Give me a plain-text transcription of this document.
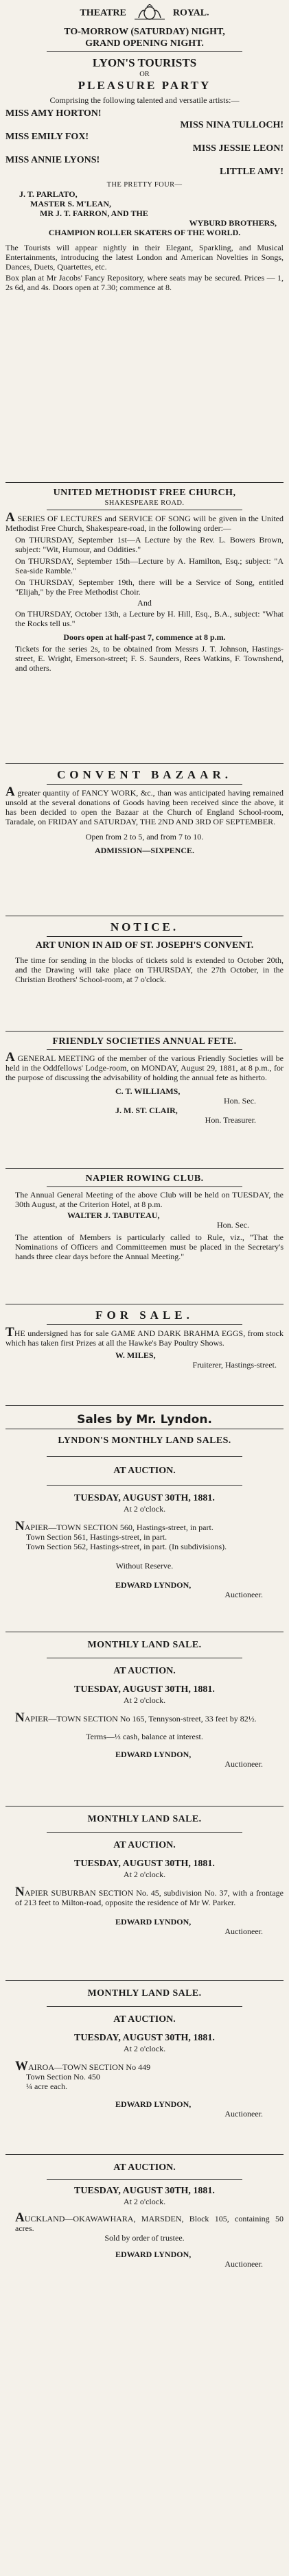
THEATRE	ROYAL.

TO-MORROW (SATURDAY) NIGHT,

GRAND OPENING NIGHT.

LYON'S TOURISTS

OR

PLEASURE PARTY

Comprising the following talented and versatile artists:—

MISS AMY HORTON!

MISS NINA TULLOCH!

MISS EMILY FOX!

MISS JESSIE LEON!

MISS ANNIE LYONS!

LITTLE AMY!

THE PRETTY FOUR—

J. T. PARLATO,

MASTER S. M'LEAN,

MR J. T. FARRON, AND THE

WYBURD BROTHERS,

CHAMPION ROLLER SKATERS OF THE WORLD.

The Tourists will appear nightly in their Elegant, Sparkling, and Musical Entertainments, introducing the latest London and American Novelties in Songs, Dances, Duets, Quartettes, etc.

Box plan at Mr Jacobs' Fancy Repository, where seats may be secured. Prices — 1, 2s 6d, and 4s. Doors open at 7.30; commence at 8.

UNITED METHODIST FREE CHURCH,

SHAKESPEARE ROAD.

A SERIES OF LECTURES and SERVICE OF SONG will be given in the United Methodist Free Church, Shakespeare-road, in the following order:—

On THURSDAY, September 1st—A Lecture by the Rev. L. Bowers Brown, subject: "Wit, Humour, and Oddities."

On THURSDAY, September 15th—Lecture by A. Hamilton, Esq.; subject: "A Sea-side Ramble."

On THURSDAY, September 19th, there will be a Service of Song, entitled "Elijah," by the Free Methodist Choir.

And

On THURSDAY, October 13th, a Lecture by H. Hill, Esq., B.A., subject: "What the Rocks tell us."

Doors open at half-past 7, commence at 8 p.m.

Tickets for the series 2s, to be obtained from Messrs J. T. Johnson, Hastings-street, E. Wright, Emerson-street; F. S. Saunders, Rees Watkins, F. Townshend, and others.

CONVENT BAZAAR.

A greater quantity of FANCY WORK, &c., than was anticipated having remained unsold at the several donations of Goods having been received since the above, it has been decided to open the Bazaar at the Church of England School-room, Taradale, on FRIDAY and SATURDAY, THE 2ND AND 3RD OF SEPTEMBER.

Open from 2 to 5, and from 7 to 10.

ADMISSION—SIXPENCE.

NOTICE.

ART UNION IN AID OF ST. JOSEPH'S CONVENT.

The time for sending in the blocks of tickets sold is extended to October 20th, and the Drawing will take place on THURSDAY, the 27th October, in the Christian Brothers' School-room, at 7 o'clock.

FRIENDLY SOCIETIES ANNUAL FETE.

A GENERAL MEETING of the member of the various Friendly Societies will be held in the Oddfellows' Lodge-room, on MONDAY, August 29, 1881, at 8 p.m., for the purpose of discussing the advisability of holding the annual fete as hitherto.

C. T. WILLIAMS,

Hon. Sec.

J. M. ST. CLAIR,

Hon. Treasurer.

NAPIER ROWING CLUB.

The Annual General Meeting of the above Club will be held on TUESDAY, the 30th August, at the Criterion Hotel, at 8 p.m.

WALTER J. TABUTEAU,

Hon. Sec.

The attention of Members is particularly called to Rule, viz., "That the Nominations of Officers and Committeemen must be placed in the Secretary's hands three clear days before the Annual Meeting."

FOR SALE.

THE undersigned has for sale GAME AND DARK BRAHMA EGGS, from stock which has taken first Prizes at all the Hawke's Bay Poultry Shows.

W. MILES,

Fruiterer, Hastings-street.

Sales by Mr. Lyndon.

LYNDON'S MONTHLY LAND SALES.

AT AUCTION.

TUESDAY, AUGUST 30TH, 1881.

At 2 o'clock.

NAPIER—TOWN SECTION 560, Hastings-street, in part.

Town Section 561, Hastings-street, in part.

Town Section 562, Hastings-street, in part. (In subdivisions).

Without Reserve.

EDWARD LYNDON,

Auctioneer.

MONTHLY LAND SALE.

AT AUCTION.

TUESDAY, AUGUST 30TH, 1881.

At 2 o'clock.

NAPIER—TOWN SECTION No 165, Tennyson-street, 33 feet by 82½.

Terms—⅓ cash, balance at interest.

EDWARD LYNDON,

Auctioneer.

MONTHLY LAND SALE.

AT AUCTION.

TUESDAY, AUGUST 30TH, 1881.

At 2 o'clock.

NAPIER SUBURBAN SECTION No. 45, subdivision No. 37, with a frontage of 213 feet to Milton-road, opposite the residence of Mr W. Parker.

EDWARD LYNDON,

Auctioneer.

MONTHLY LAND SALE.

AT AUCTION.

TUESDAY, AUGUST 30TH, 1881.

At 2 o'clock.

WAIROA—TOWN SECTION No 449

Town Section No. 450

¼ acre each.

EDWARD LYNDON,

Auctioneer.

AT AUCTION.

TUESDAY, AUGUST 30TH, 1881.

At 2 o'clock.

AUCKLAND—OKAWAWHARA, MARSDEN, Block 105, containing 50 acres.

Sold by order of trustee.

EDWARD LYNDON,

Auctioneer.
